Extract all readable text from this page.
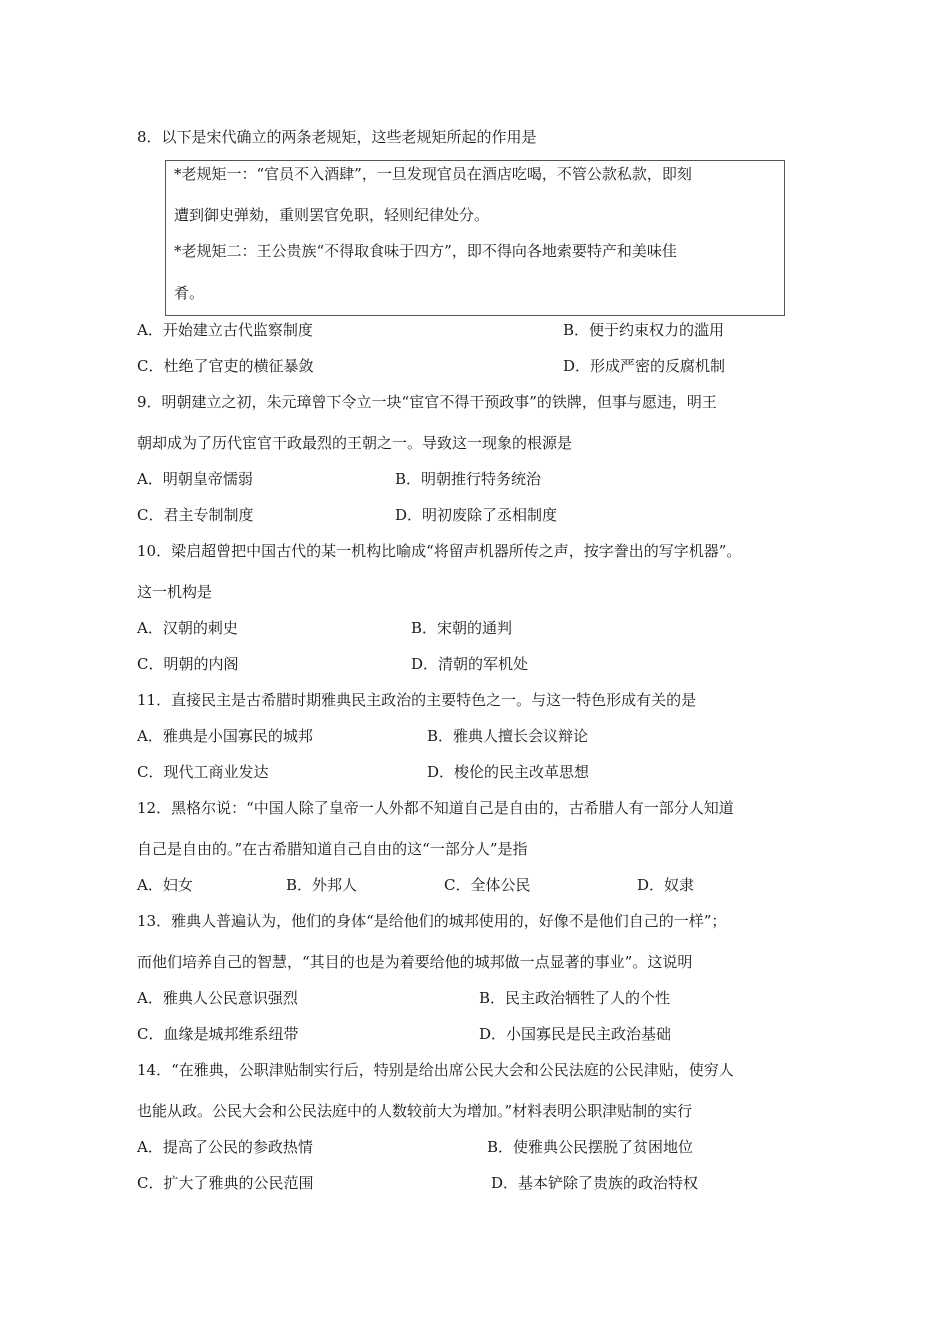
8．以下是宋代确立的两条老规矩，这些老规矩所起的作用是
*老规矩一：“官员不入酒肆”，一旦发现官员在酒店吃喝，不管公款私款，即刻
遭到御史弹劾，重则罢官免职，轻则纪律处分。
*老规矩二：王公贵族“不得取食味于四方”，即不得向各地索要特产和美味佳
肴。
A．开始建立古代监察制度	B．便于约束权力的滥用
C．杜绝了官吏的横征暴敛	D．形成严密的反腐机制
9．明朝建立之初，朱元璋曾下令立一块“宦官不得干预政事”的铁牌，但事与愿违，明王
朝却成为了历代宦官干政最烈的王朝之一。导致这一现象的根源是
A．明朝皇帝懦弱	B．明朝推行特务统治
C．君主专制制度	D．明初废除了丞相制度
10．梁启超曾把中国古代的某一机构比喻成“将留声机器所传之声，按字誊出的写字机器”。
这一机构是
A．汉朝的刺史	B．宋朝的通判
C．明朝的内阁	D．清朝的军机处
11．直接民主是古希腊时期雅典民主政治的主要特色之一。与这一特色形成有关的是
A．雅典是小国寡民的城邦	B．雅典人擅长会议辩论
C．现代工商业发达	D．梭伦的民主改革思想
12．黑格尔说：“中国人除了皇帝一人外都不知道自己是自由的，古希腊人有一部分人知道
自己是自由的。”在古希腊知道自己自由的这“一部分人”是指
A．妇女	B．外邦人	C．全体公民	D．奴隶
13．雅典人普遍认为，他们的身体“是给他们的城邦使用的，好像不是他们自己的一样”；
而他们培养自己的智慧，“其目的也是为着要给他的城邦做一点显著的事业”。这说明
A．雅典人公民意识强烈	B．民主政治牺牲了人的个性
C．血缘是城邦维系纽带	D．小国寡民是民主政治基础
14．“在雅典，公职津贴制实行后，特别是给出席公民大会和公民法庭的公民津贴，使穷人
也能从政。公民大会和公民法庭中的人数较前大为增加。”材料表明公职津贴制的实行
A．提高了公民的参政热情	B．使雅典公民摆脱了贫困地位
C．扩大了雅典的公民范围	D．基本铲除了贵族的政治特权
